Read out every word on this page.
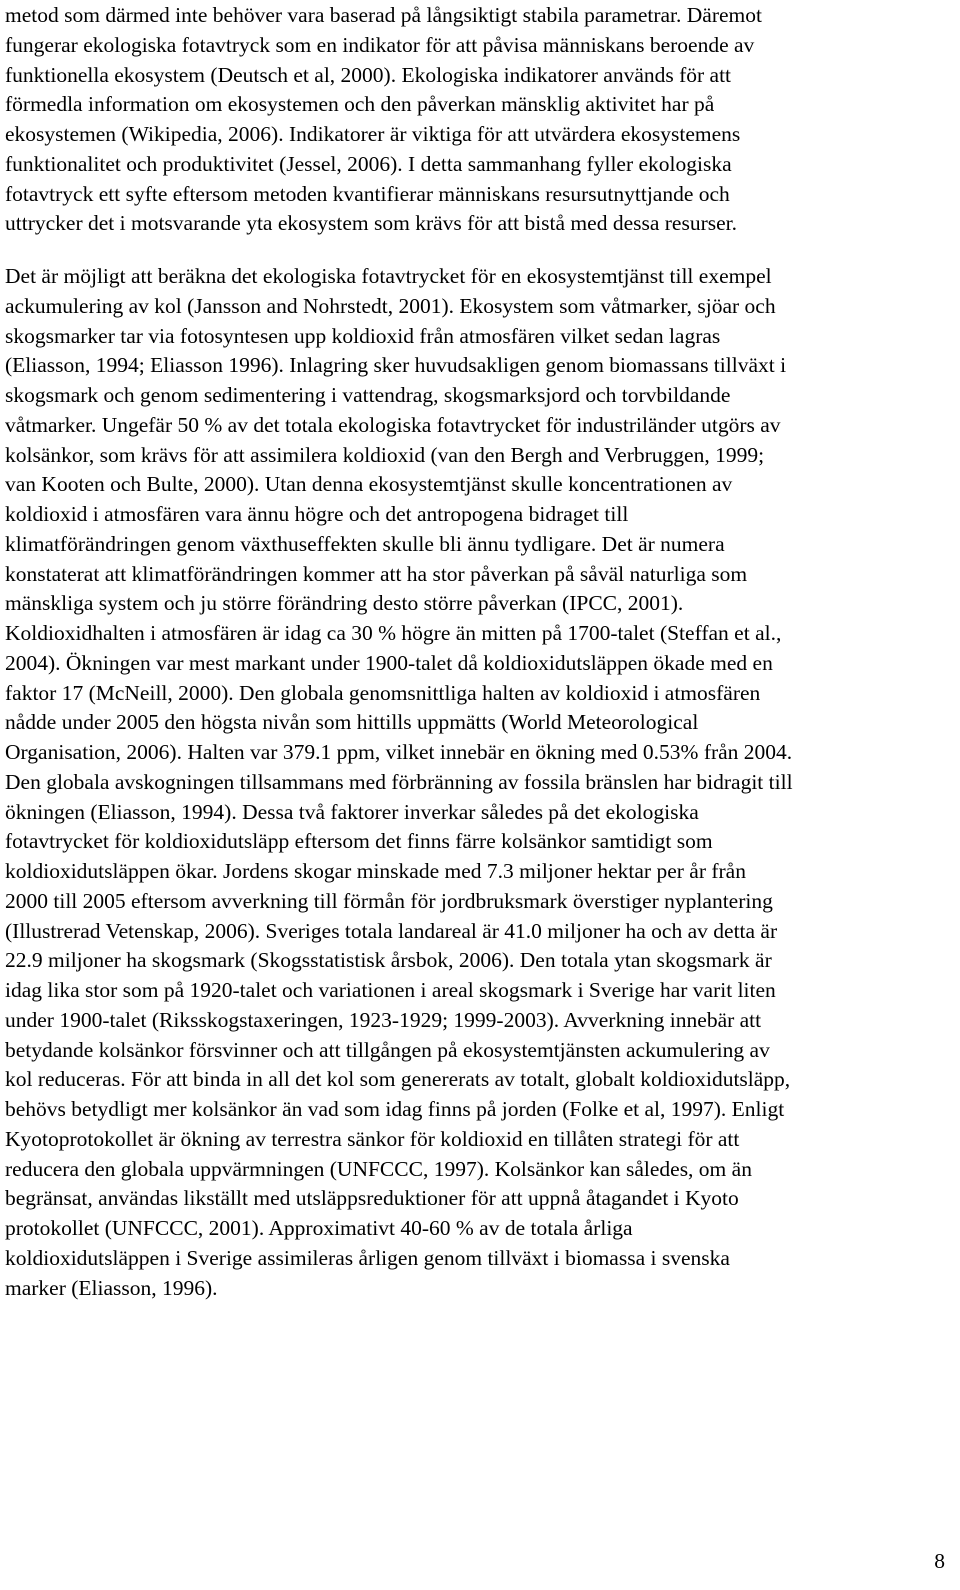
metod som därmed inte behöver vara baserad på långsiktigt stabila parametrar. Däremot
fungerar ekologiska fotavtryck som en indikator för att påvisa människans beroende av
funktionella ekosystem (Deutsch et al, 2000). Ekologiska indikatorer används för att
förmedla information om ekosystemen och den påverkan mänsklig aktivitet har på
ekosystemen (Wikipedia, 2006). Indikatorer är viktiga för att utvärdera ekosystemens
funktionalitet och produktivitet (Jessel, 2006). I detta sammanhang fyller ekologiska
fotavtryck ett syfte eftersom metoden kvantifierar människans resursutnyttjande och
uttrycker det i motsvarande yta ekosystem som krävs för att bistå med dessa resurser.
Det är möjligt att beräkna det ekologiska fotavtrycket för en ekosystemtjänst till exempel
ackumulering av kol (Jansson and Nohrstedt, 2001). Ekosystem som våtmarker, sjöar och
skogsmarker tar via fotosyntesen upp koldioxid från atmosfären vilket sedan lagras
(Eliasson, 1994; Eliasson 1996). Inlagring sker huvudsakligen genom biomassans tillväxt i
skogsmark och genom sedimentering i vattendrag, skogsmarksjord och torvbildande
våtmarker. Ungefär 50 % av det totala ekologiska fotavtrycket för industriländer utgörs av
kolsänkor, som krävs för att assimilera koldioxid (van den Bergh and Verbruggen, 1999;
van Kooten och Bulte, 2000). Utan denna ekosystemtjänst skulle koncentrationen av
koldioxid i atmosfären vara ännu högre och det antropogena bidraget till
klimatförändringen genom växthuseffekten skulle bli ännu tydligare. Det är numera
konstaterat att klimatförändringen kommer att ha stor påverkan på såväl naturliga som
mänskliga system och ju större förändring desto större påverkan (IPCC, 2001).
Koldioxidhalten i atmosfären är idag ca 30 % högre än mitten på 1700-talet (Steffan et al.,
2004). Ökningen var mest markant under 1900-talet då koldioxidutsläppen ökade med en
faktor 17 (McNeill, 2000). Den globala genomsnittliga halten av koldioxid i atmosfären
nådde under 2005 den högsta nivån som hittills uppmätts (World Meteorological
Organisation, 2006). Halten var 379.1 ppm, vilket innebär en ökning med 0.53% från 2004.
Den globala avskogningen tillsammans med förbränning av fossila bränslen har bidragit till
ökningen (Eliasson, 1994). Dessa två faktorer inverkar således på det ekologiska
fotavtrycket för koldioxidutsläpp eftersom det finns färre kolsänkor samtidigt som
koldioxidutsläppen ökar. Jordens skogar minskade med 7.3 miljoner hektar per år från
2000 till 2005 eftersom avverkning till förmån för jordbruksmark överstiger nyplantering
(Illustrerad Vetenskap, 2006). Sveriges totala landareal är 41.0 miljoner ha och av detta är
22.9 miljoner ha skogsmark (Skogsstatistisk årsbok, 2006). Den totala ytan skogsmark är
idag lika stor som på 1920-talet och variationen i areal skogsmark i Sverige har varit liten
under 1900-talet (Riksskogstaxeringen, 1923-1929; 1999-2003). Avverkning innebär att
betydande kolsänkor försvinner och att tillgången på ekosystemtjänsten ackumulering av
kol reduceras. För att binda in all det kol som genererats av totalt, globalt koldioxidutsläpp,
behövs betydligt mer kolsänkor än vad som idag finns på jorden (Folke et al, 1997). Enligt
Kyotoprotokollet är ökning av terrestra sänkor för koldioxid en tillåten strategi för att
reducera den globala uppvärmningen (UNFCCC, 1997). Kolsänkor kan således, om än
begränsat, användas likställt med utsläppsreduktioner för att uppnå åtagandet i Kyoto
protokollet (UNFCCC, 2001). Approximativt 40-60 % av de totala årliga
koldioxidutsläppen i Sverige assimileras årligen genom tillväxt i biomassa i svenska
marker (Eliasson, 1996).
8
